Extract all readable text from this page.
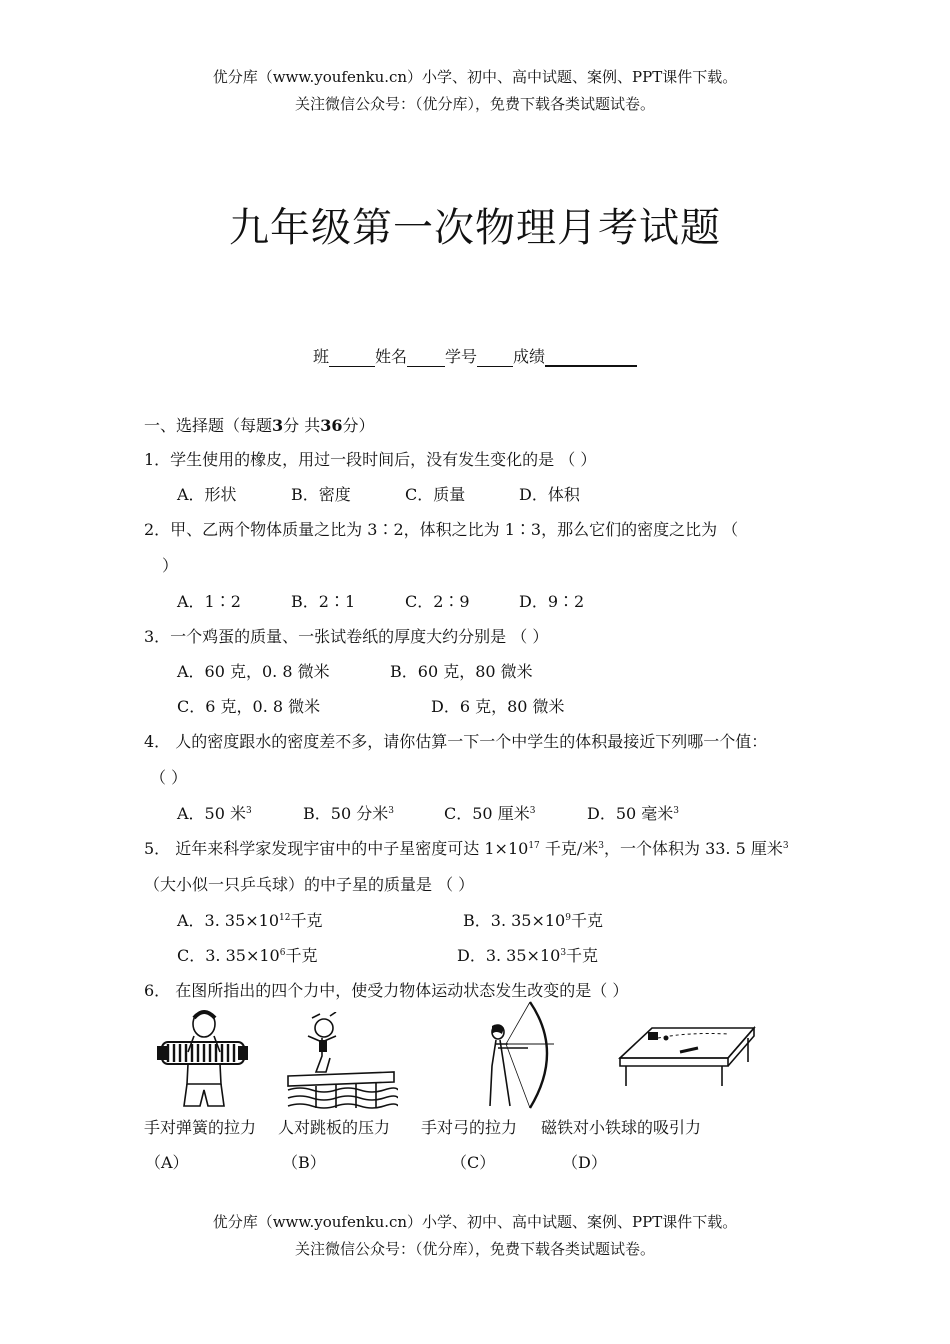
优分库（www.youfenku.cn）小学、初中、高中试题、案例、PPT课件下载。
关注微信公众号：（优分库），免费下载各类试题试卷。
九年级第一次物理月考试题
班	姓名 学号 成绩
一、选择题（每题3分 共36分）
1．学生使用的橡皮，用过一段时间后，没有发生变化的是 （ ）
A．形状	B．密度	C．质量	D．体积
2．甲、乙两个物体质量之比为 3∶2，体积之比为 1∶3，那么它们的密度之比为 （
）
A．1∶2	B．2∶1	C．2∶9	D．9∶2
3．一个鸡蛋的质量、一张试卷纸的厚度大约分别是 （ ）
A．60 克，0. 8 微米	B．60 克，80 微米
C．6 克，0. 8 微米	D．6 克，80 微米
4． 人的密度跟水的密度差不多，请你估算一下一个中学生的体积最接近下列哪一个值：
（ ）
A．50 米$^3$	B．50 分米$^3$	C．50 厘米$^3$	D．50 毫米$^3$
5． 近年来科学家发现宇宙中的中子星密度可达 $1\times 10^{17}$ 千克/米$^3$，一个体积为 33. 5 厘米$^3$
（大小似一只乒乓球）的中子星的质量是 （ ）
A．3. $35\times 10^{12}$千克	B．3. $35\times 10^9$千克
C．3. $35\times 10^6$千克	D．3. $35\times 10^3$千克
6． 在图所指出的四个力中，使受力物体运动状态发生改变的是（ ）
手对弹簧的拉力 人对跳板的压力 手对弓的拉力 磁铁对小铁球的吸引力
（A）	（B）	（C）	（D）
优分库（www.youfenku.cn）小学、初中、高中试题、案例、PPT课件下载。
关注微信公众号：（优分库），免费下载各类试题试卷。
